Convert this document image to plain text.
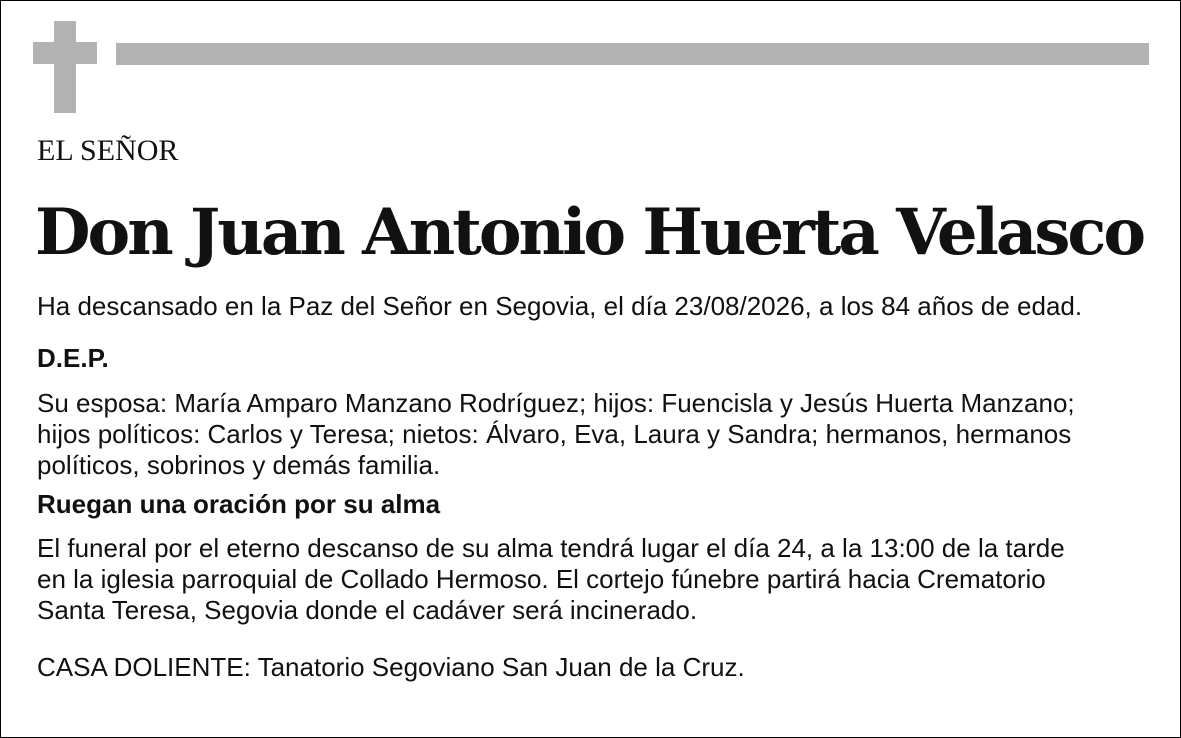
EL SEÑOR
Don Juan Antonio Huerta Velasco
Ha descansado en la Paz del Señor en Segovia, el día 23/08/2026, a los 84 años de edad.
D.E.P.
Su esposa: María Amparo Manzano Rodríguez; hijos: Fuencisla y Jesús Huerta Manzano;
hijos políticos: Carlos y Teresa; nietos: Álvaro, Eva, Laura y Sandra; hermanos, hermanos
políticos, sobrinos y demás familia.
Ruegan una oración por su alma
El funeral por el eterno descanso de su alma tendrá lugar el día 24, a la 13:00 de la tarde
en la iglesia parroquial de Collado Hermoso. El cortejo fúnebre partirá hacia Crematorio
Santa Teresa, Segovia donde el cadáver será incinerado.
CASA DOLIENTE: Tanatorio Segoviano San Juan de la Cruz.
